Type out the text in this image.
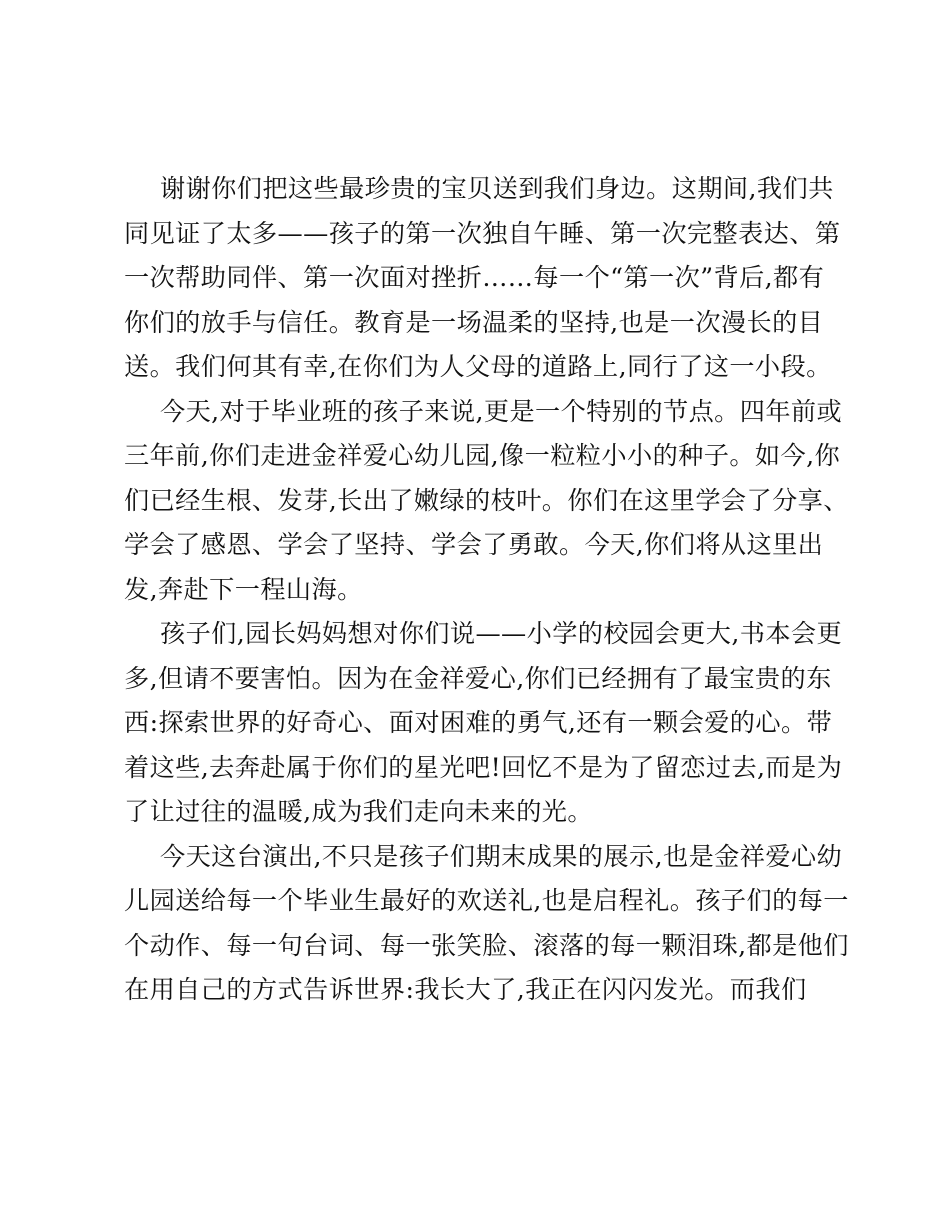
谢谢你们把这些最珍贵的宝贝送到我们身边。这期间,我们共
同见证了太多——孩子的第一次独自午睡、第一次完整表达、第
一次帮助同伴、第一次面对挫折……每一个“第一次”背后,都有
你们的放手与信任。教育是一场温柔的坚持,也是一次漫长的目
送。我们何其有幸,在你们为人父母的道路上,同行了这一小段。

今天,对于毕业班的孩子来说,更是一个特别的节点。四年前或
三年前,你们走进金祥爱心幼儿园,像一粒粒小小的种子。如今,你
们已经生根、发芽,长出了嫩绿的枝叶。你们在这里学会了分享、
学会了感恩、学会了坚持、学会了勇敢。今天,你们将从这里出
发,奔赴下一程山海。

孩子们,园长妈妈想对你们说——小学的校园会更大,书本会更
多,但请不要害怕。因为在金祥爱心,你们已经拥有了最宝贵的东
西:探索世界的好奇心、面对困难的勇气,还有一颗会爱的心。带
着这些,去奔赴属于你们的星光吧!回忆不是为了留恋过去,而是为
了让过往的温暖,成为我们走向未来的光。

今天这台演出,不只是孩子们期末成果的展示,也是金祥爱心幼
儿园送给每一个毕业生最好的欢送礼,也是启程礼。孩子们的每一
个动作、每一句台词、每一张笑脸、滚落的每一颗泪珠,都是他们
在用自己的方式告诉世界:我长大了,我正在闪闪发光。而我们
